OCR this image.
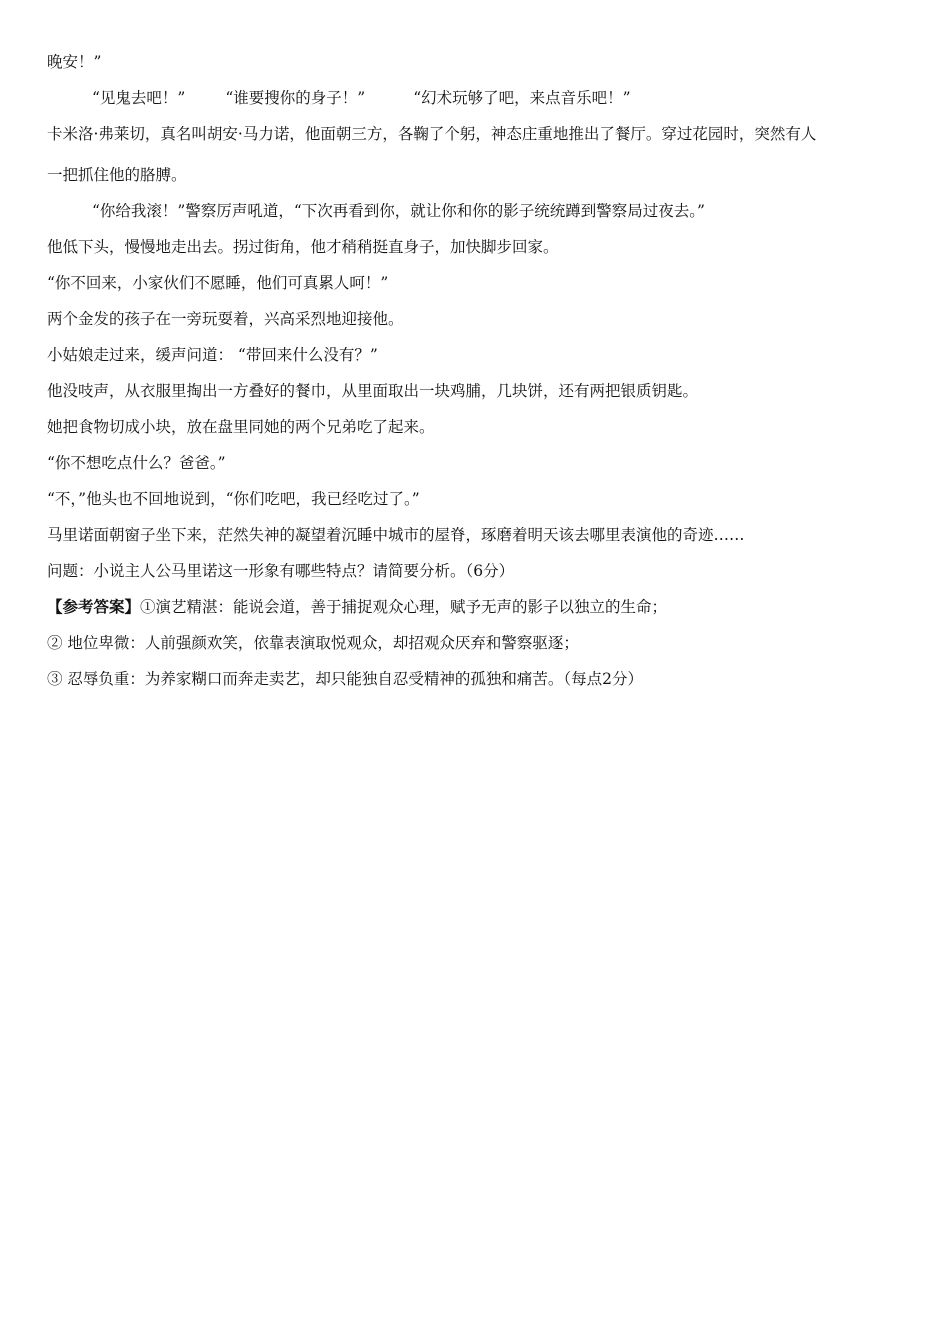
晚安！”
“见鬼去吧！”	“谁要搜你的身子！”	“幻术玩够了吧，来点音乐吧！”
卡米洛·弗莱切，真名叫胡安·马力诺，他面朝三方，各鞠了个躬，神态庄重地推出了餐厅。穿过花园时，突然有人
一把抓住他的胳膊。
“你给我滚！”警察厉声吼道，“下次再看到你，就让你和你的影子统统蹲到警察局过夜去。”
他低下头，慢慢地走出去。拐过街角，他才稍稍挺直身子，加快脚步回家。
“你不回来，小家伙们不愿睡，他们可真累人呵！”
两个金发的孩子在一旁玩耍着，兴高采烈地迎接他。
小姑娘走过来，缓声问道： “带回来什么没有？”
他没吱声，从衣服里掏出一方叠好的餐巾，从里面取出一块鸡脯，几块饼，还有两把银质钥匙。
她把食物切成小块，放在盘里同她的两个兄弟吃了起来。
“你不想吃点什么？爸爸。”
“不，”他头也不回地说到，“你们吃吧，我已经吃过了。”
马里诺面朝窗子坐下来，茫然失神的凝望着沉睡中城市的屋脊，琢磨着明天该去哪里表演他的奇迹……
问题：小说主人公马里诺这一形象有哪些特点？请简要分析。（6分）
【参考答案】①演艺精湛：能说会道，善于捕捉观众心理，赋予无声的影子以独立的生命；
② 地位卑微：人前强颜欢笑，依靠表演取悦观众，却招观众厌弃和警察驱逐；
③ 忍辱负重：为养家糊口而奔走卖艺，却只能独自忍受精神的孤独和痛苦。（每点2分）
